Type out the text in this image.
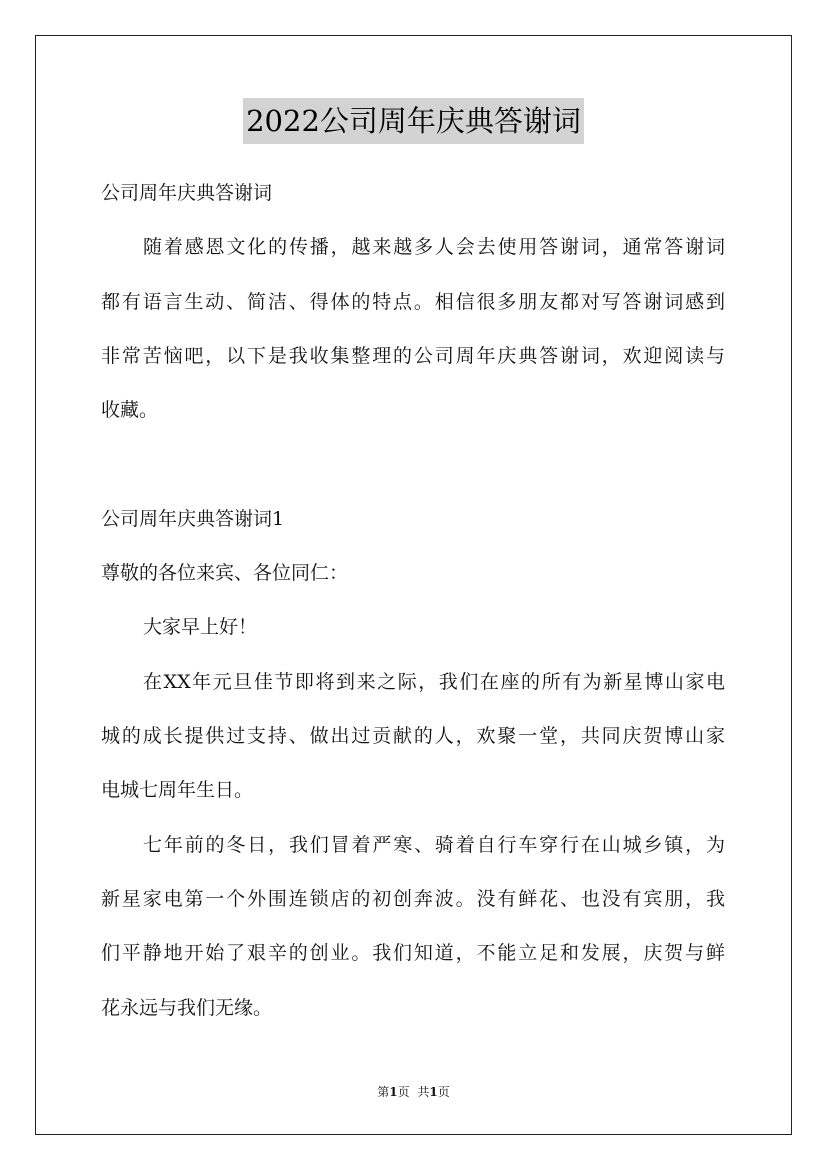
2022公司周年庆典答谢词
公司周年庆典答谢词
随着感恩文化的传播，越来越多人会去使用答谢词，通常答谢词
都有语言生动、简洁、得体的特点。相信很多朋友都对写答谢词感到
非常苦恼吧，以下是我收集整理的公司周年庆典答谢词，欢迎阅读与
收藏。
公司周年庆典答谢词1
尊敬的各位来宾、各位同仁：
大家早上好！
在XX年元旦佳节即将到来之际，我们在座的所有为新星博山家电
城的成长提供过支持、做出过贡献的人，欢聚一堂，共同庆贺博山家
电城七周年生日。
七年前的冬日，我们冒着严寒、骑着自行车穿行在山城乡镇，为
新星家电第一个外围连锁店的初创奔波。没有鲜花、也没有宾朋，我
们平静地开始了艰辛的创业。我们知道，不能立足和发展，庆贺与鲜
花永远与我们无缘。
第1页 共1页
